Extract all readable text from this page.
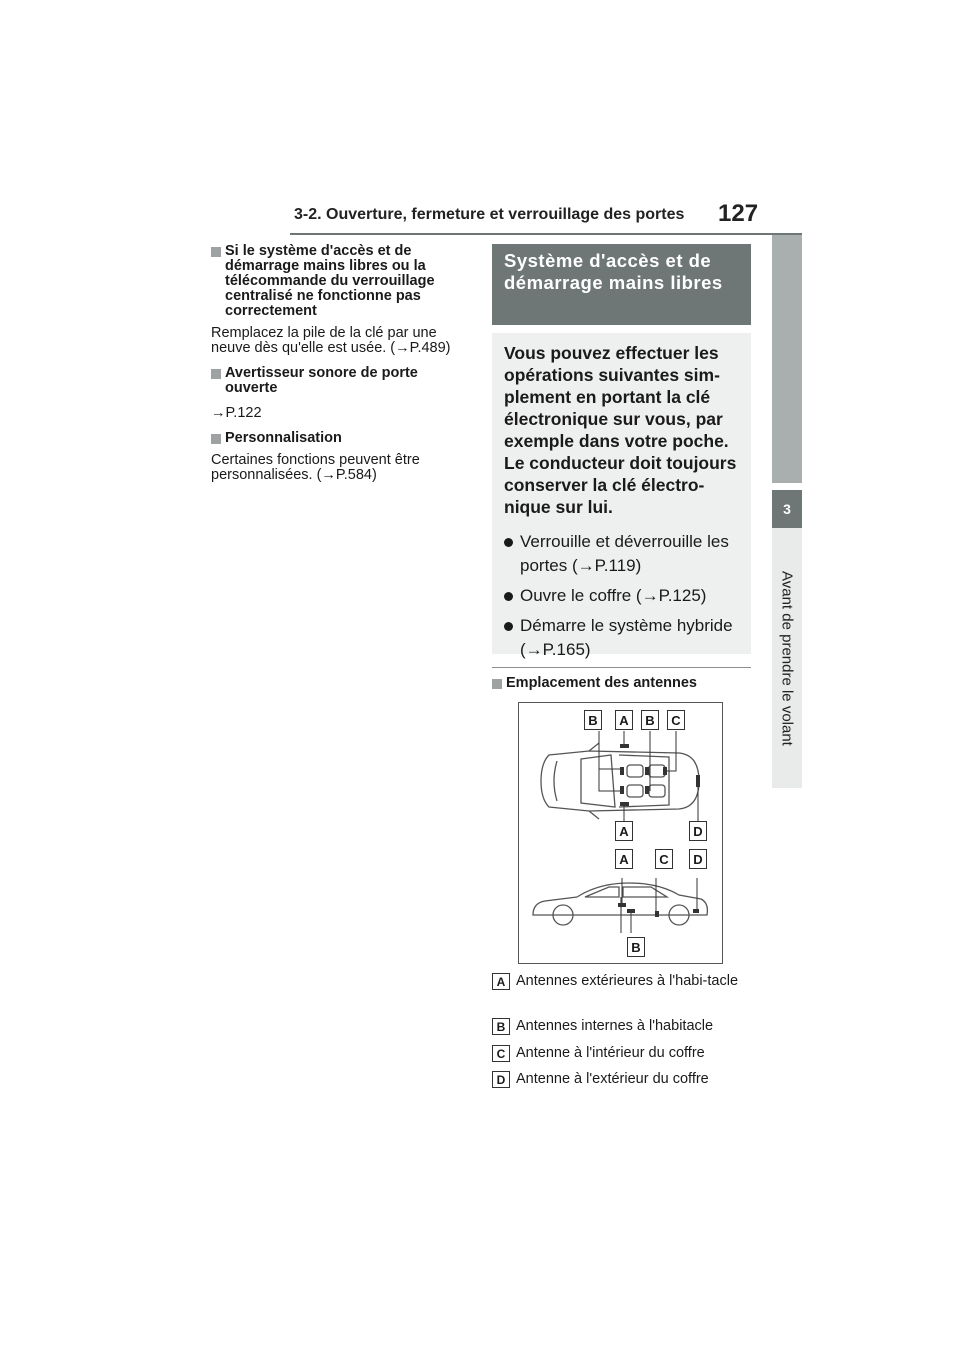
3-2. Ouverture, fermeture et verrouillage des portes 127
3
Avant de prendre le volant
Si le système d'accès et de démarrage mains libres ou la télécommande du verrouillage centralisé ne fonctionne pas correctement
Remplacez la pile de la clé par une neuve dès qu'elle est usée. (→P.489)
Avertisseur sonore de porte ouverte
→P.122
Personnalisation
Certaines fonctions peuvent être personnalisées. (→P.584)
Système d'accès et de démarrage mains libres
Vous pouvez effectuer les opérations suivantes sim-plement en portant la clé électronique sur vous, par exemple dans votre poche. Le conducteur doit toujours conserver la clé électro-nique sur lui.
Verrouille et déverrouille les portes (→P.119)
Ouvre le coffre (→P.125)
Démarre le système hybride (→P.165)
Emplacement des antennes
B	A	B	C
A	D
A	C	D
B
A Antennes extérieures à l'habi-tacle
B Antennes internes à l'habitacle
C Antenne à l'intérieur du coffre
D Antenne à l'extérieur du coffre
